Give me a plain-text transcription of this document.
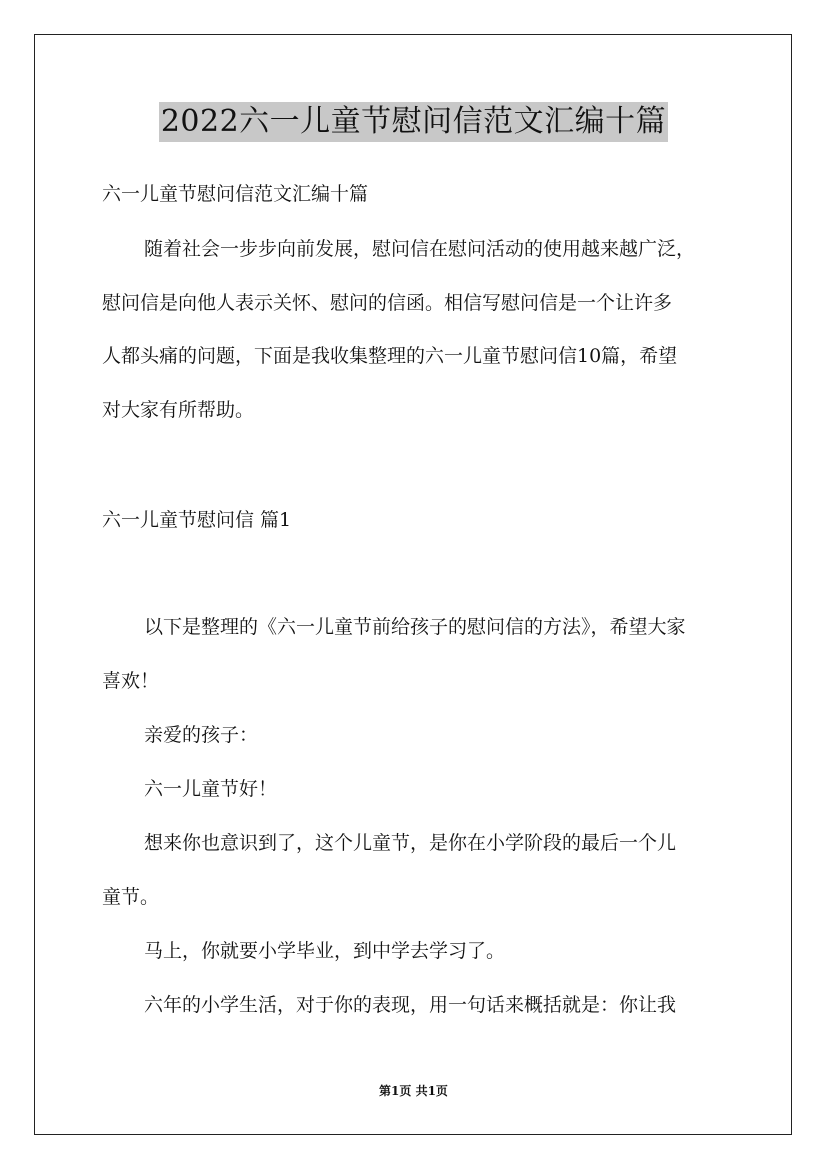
2022六一儿童节慰问信范文汇编十篇
六一儿童节慰问信范文汇编十篇
随着社会一步步向前发展，慰问信在慰问活动的使用越来越广泛，
慰问信是向他人表示关怀、慰问的信函。相信写慰问信是一个让许多
人都头痛的问题，下面是我收集整理的六一儿童节慰问信10篇，希望
对大家有所帮助。
六一儿童节慰问信 篇1
以下是整理的《六一儿童节前给孩子的慰问信的方法》，希望大家
喜欢！
亲爱的孩子：
六一儿童节好！
想来你也意识到了，这个儿童节，是你在小学阶段的最后一个儿
童节。
马上，你就要小学毕业，到中学去学习了。
六年的小学生活，对于你的表现，用一句话来概括就是：你让我
第1页 共1页
